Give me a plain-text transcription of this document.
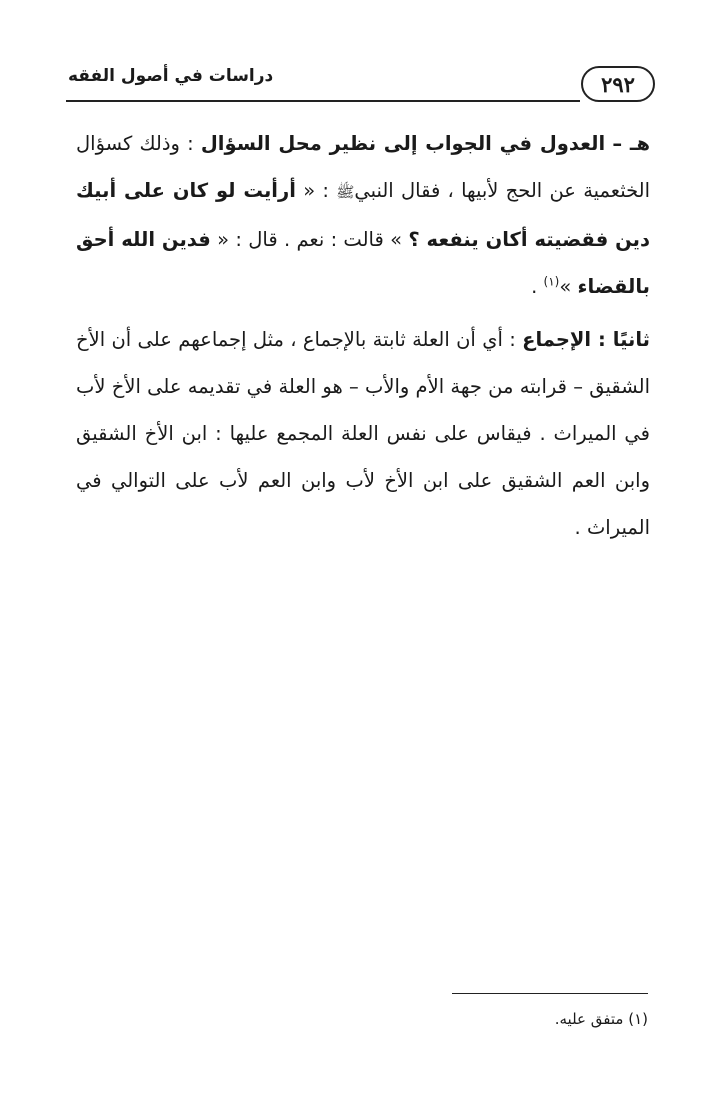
٢٩٢
دراسات في أصول الفقه

هـ – العدول في الجواب إلى نظير محل السؤال : وذلك كسؤال الخثعمية عن الحج لأبيها ، فقال النبيﷺ : « أرأيت لو كان على أبيك دين فقضيته أكان ينفعه ؟ » قالت : نعم . قال : « فدين الله أحق بالقضاء »$^{(١)}$ .

ثانيًا : الإجماع : أي أن العلة ثابتة بالإجماع ، مثل إجماعهم على أن الأخ الشقيق – قرابته من جهة الأم والأب – هو العلة في تقديمه على الأخ لأب في الميراث . فيقاس على نفس العلة المجمع عليها : ابن الأخ الشقيق وابن العم الشقيق على ابن الأخ لأب وابن العم لأب على التوالي في الميراث .

(١) متفق عليه.
